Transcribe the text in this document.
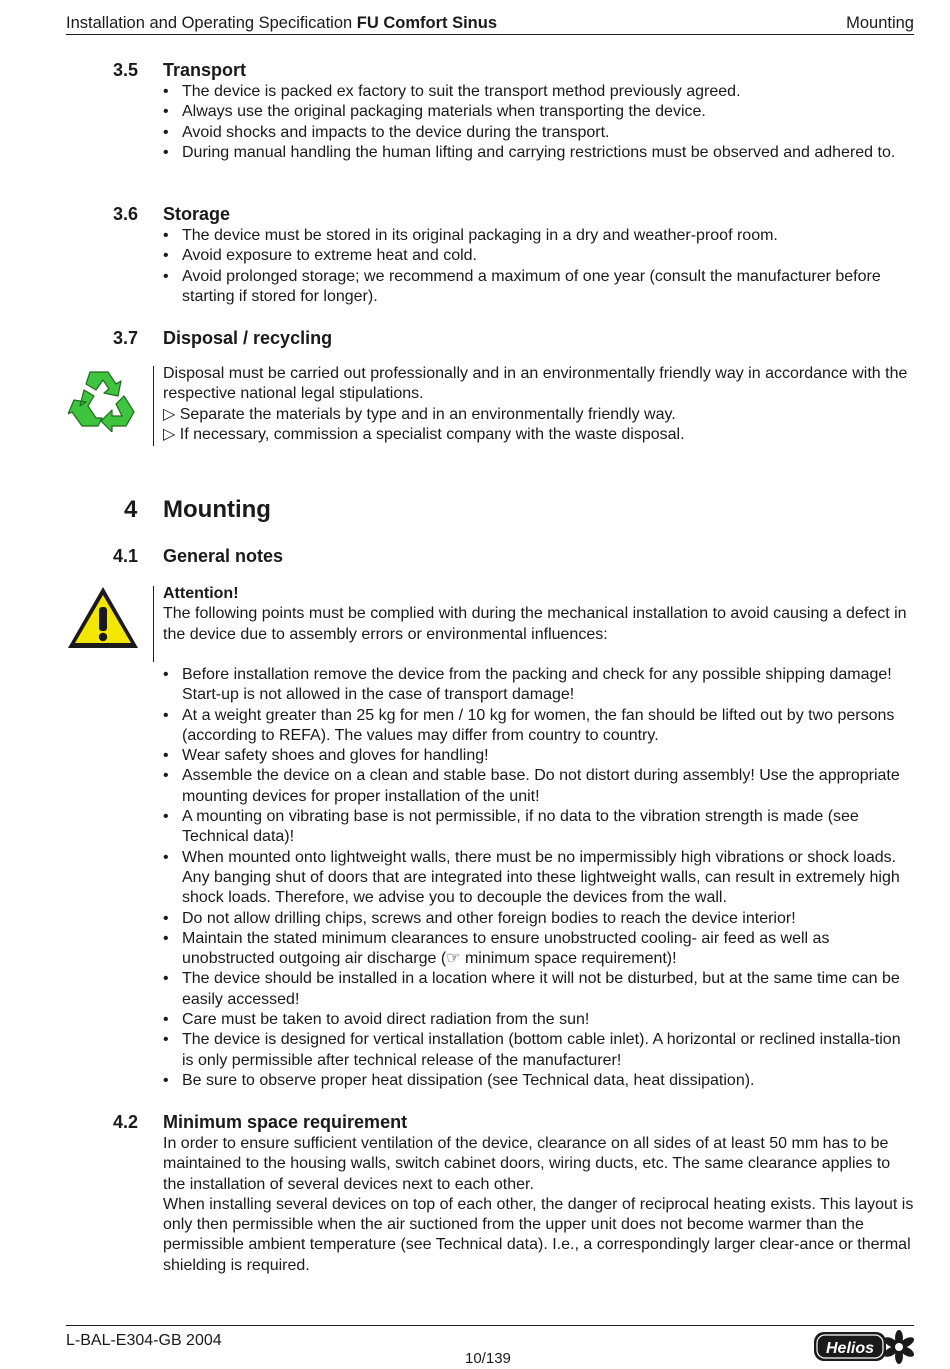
Installation and Operating Specification FU Comfort Sinus	Mounting
3.5 Transport
• The device is packed ex factory to suit the transport method previously agreed.
• Always use the original packaging materials when transporting the device.
• Avoid shocks and impacts to the device during the transport.
• During manual handling the human lifting and carrying restrictions must be observed and adhered to.
3.6 Storage
• The device must be stored in its original packaging in a dry and weather-proof room.
• Avoid exposure to extreme heat and cold.
• Avoid prolonged storage; we recommend a maximum of one year (consult the manufacturer before starting if stored for longer).
3.7 Disposal / recycling

Disposal must be carried out professionally and in an environmentally friendly way in accordance with the respective national legal stipulations.

▷ Separate the materials by type and in an environmentally friendly way.

▷ If necessary, commission a specialist company with the waste disposal.

4 Mounting
4.1 General notes

Attention!

The following points must be complied with during the mechanical installation to avoid causing a defect in the device due to assembly errors or environmental influences:

• Before installation remove the device from the packing and check for any possible shipping damage! Start-up is not allowed in the case of transport damage!
• At a weight greater than 25 kg for men / 10 kg for women, the fan should be lifted out by two persons (according to REFA). The values may differ from country to country.
• Wear safety shoes and gloves for handling!
• Assemble the device on a clean and stable base. Do not distort during assembly! Use the appropriate mounting devices for proper installation of the unit!
• A mounting on vibrating base is not permissible, if no data to the vibration strength is made (see Technical data)!
• When mounted onto lightweight walls, there must be no impermissibly high vibrations or shock loads. Any banging shut of doors that are integrated into these lightweight walls, can result in extremely high shock loads. Therefore, we advise you to decouple the devices from the wall.
• Do not allow drilling chips, screws and other foreign bodies to reach the device interior!
• Maintain the stated minimum clearances to ensure unobstructed cooling- air feed as well as unobstructed outgoing air discharge (☞ minimum space requirement)!
• The device should be installed in a location where it will not be disturbed, but at the same time can be easily accessed!
• Care must be taken to avoid direct radiation from the sun!
• The device is designed for vertical installation (bottom cable inlet). A horizontal or reclined installa-tion is only permissible after technical release of the manufacturer!
• Be sure to observe proper heat dissipation (see Technical data, heat dissipation).
4.2 Minimum space requirement

In order to ensure sufficient ventilation of the device, clearance on all sides of at least 50 mm has to be maintained to the housing walls, switch cabinet doors, wiring ducts, etc. The same clearance applies to the installation of several devices next to each other.

When installing several devices on top of each other, the danger of reciprocal heating exists. This layout is only then permissible when the air suctioned from the upper unit does not become warmer than the permissible ambient temperature (see Technical data). I.e., a correspondingly larger clear-ance or thermal shielding is required.

L-BAL-E304-GB 2004
10/139
Helios
